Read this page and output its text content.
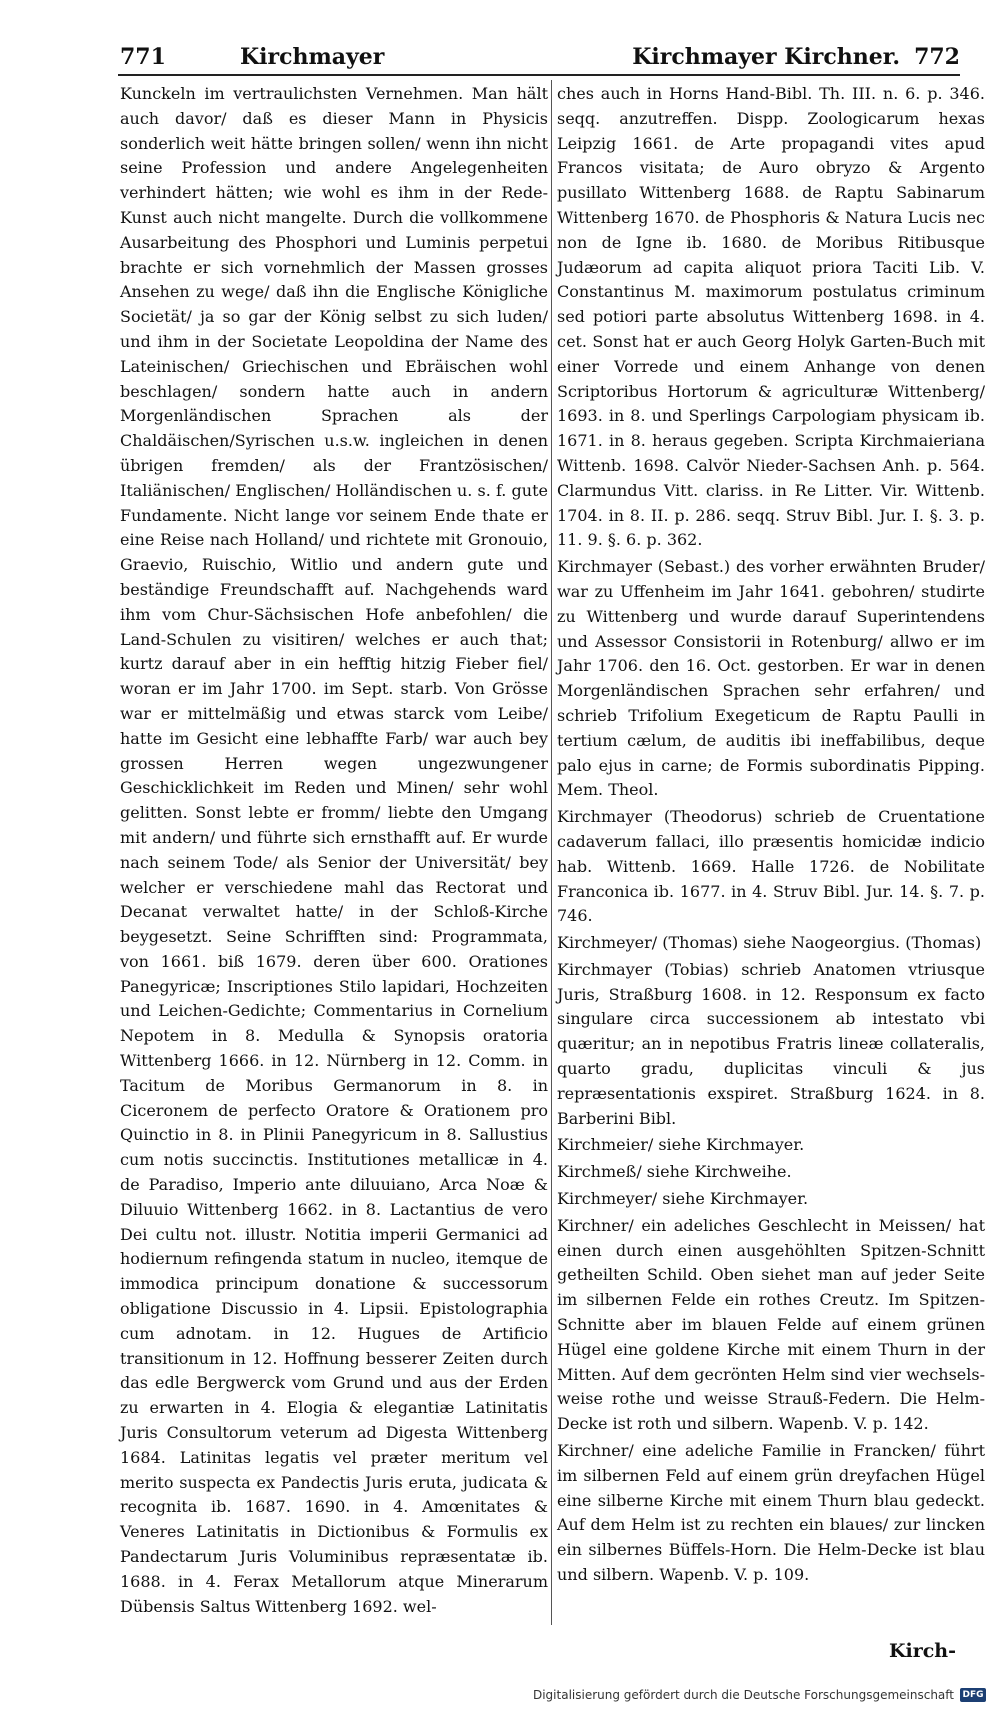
771	Kirchmayer	Kirchmayer Kirchner. 772

Kunckeln im vertraulichsten Vernehmen. Man hält auch davor/ daß es dieser Mann in Physicis sonderlich weit hätte bringen sollen/ wenn ihn nicht seine Profession und andere Angelegenheiten verhindert hätten; wie wohl es ihm in der Rede-Kunst auch nicht mangelte. Durch die vollkommene Ausarbeitung des Phosphori und Luminis perpetui brachte er sich vornehmlich der Massen grosses Ansehen zu wege/ daß ihn die Englische Königliche Societät/ ja so gar der König selbst zu sich luden/ und ihm in der Societate Leopoldina der Name des Lateinischen/ Griechischen und Ebräischen wohl beschlagen/ sondern hatte auch in andern Morgenländischen Sprachen als der Chaldäischen/Syrischen u.s.w. ingleichen in denen übrigen fremden/ als der Frantzösischen/ Italiänischen/ Englischen/ Holländischen u. s. f. gute Fundamente. Nicht lange vor seinem Ende thate er eine Reise nach Holland/ und richtete mit Gronouio, Graevio, Ruischio, Witlio und andern gute und beständige Freundschafft auf. Nachgehends ward ihm vom Chur-Sächsischen Hofe anbefohlen/ die Land-Schulen zu visitiren/ welches er auch that; kurtz darauf aber in ein hefftig hitzig Fieber fiel/ woran er im Jahr 1700. im Sept. starb. Von Grösse war er mittelmäßig und etwas starck vom Leibe/ hatte im Gesicht eine lebhaffte Farb/ war auch bey grossen Herren wegen ungezwungener Geschicklichkeit im Reden und Minen/ sehr wohl gelitten. Sonst lebte er fromm/ liebte den Umgang mit andern/ und führte sich ernsthafft auf. Er wurde nach seinem Tode/ als Senior der Universität/ bey welcher er verschiedene mahl das Rectorat und Decanat verwaltet hatte/ in der Schloß-Kirche beygesetzt. Seine Schrifften sind: Programmata, von 1661. biß 1679. deren über 600. Orationes Panegyricæ; Inscriptiones Stilo lapidari, Hochzeiten und Leichen-Gedichte; Commentarius in Cornelium Nepotem in 8. Medulla & Synopsis oratoria Wittenberg 1666. in 12. Nürnberg in 12. Comm. in Tacitum de Moribus Germanorum in 8. in Ciceronem de perfecto Oratore & Orationem pro Quinctio in 8. in Plinii Panegyricum in 8. Sallustius cum notis succinctis. Institutiones metallicæ in 4. de Paradiso, Imperio ante diluuiano, Arca Noæ & Diluuio Wittenberg 1662. in 8. Lactantius de vero Dei cultu not. illustr. Notitia imperii Germanici ad hodiernum refingenda statum in nucleo, itemque de immodica principum donatione & successorum obligatione Discussio in 4. Lipsii. Epistolographia cum adnotam. in 12. Hugues de Artificio transitionum in 12. Hoffnung besserer Zeiten durch das edle Bergwerck vom Grund und aus der Erden zu erwarten in 4. Elogia & elegantiæ Latinitatis Juris Consultorum veterum ad Digesta Wittenberg 1684. Latinitas legatis vel præter meritum vel merito suspecta ex Pandectis Juris eruta, judicata & recognita ib. 1687. 1690. in 4. Amœnitates & Veneres Latinitatis in Dictionibus & Formulis ex Pandectarum Juris Voluminibus repræsentatæ ib. 1688. in 4. Ferax Metallorum atque Minerarum Dübensis Saltus Wittenberg 1692. wel-

ches auch in Horns Hand-Bibl. Th. III. n. 6. p. 346. seqq. anzutreffen. Dispp. Zoologicarum hexas Leipzig 1661. de Arte propagandi vites apud Francos visitata; de Auro obryzo & Argento pusillato Wittenberg 1688. de Raptu Sabinarum Wittenberg 1670. de Phosphoris & Natura Lucis nec non de Igne ib. 1680. de Moribus Ritibusque Judæorum ad capita aliquot priora Taciti Lib. V. Constantinus M. maximorum postulatus criminum sed potiori parte absolutus Wittenberg 1698. in 4. cet. Sonst hat er auch Georg Holyk Garten-Buch mit einer Vorrede und einem Anhange von denen Scriptoribus Hortorum & agriculturæ Wittenberg/ 1693. in 8. und Sperlings Carpologiam physicam ib. 1671. in 8. heraus gegeben. Scripta Kirchmaieriana Wittenb. 1698. Calvör Nieder-Sachsen Anh. p. 564. Clarmundus Vitt. clariss. in Re Litter. Vir. Wittenb. 1704. in 8. II. p. 286. seqq. Struv Bibl. Jur. I. §. 3. p. 11. 9. §. 6. p. 362.

Kirchmayer (Sebast.) des vorher erwähnten Bruder/ war zu Uffenheim im Jahr 1641. gebohren/ studirte zu Wittenberg und wurde darauf Superintendens und Assessor Consistorii in Rotenburg/ allwo er im Jahr 1706. den 16. Oct. gestorben. Er war in denen Morgenländischen Sprachen sehr erfahren/ und schrieb Trifolium Exegeticum de Raptu Paulli in tertium cælum, de auditis ibi ineffabilibus, deque palo ejus in carne; de Formis subordinatis Pipping. Mem. Theol.

Kirchmayer (Theodorus) schrieb de Cruentatione cadaverum fallaci, illo præsentis homicidæ indicio hab. Wittenb. 1669. Halle 1726. de Nobilitate Franconica ib. 1677. in 4. Struv Bibl. Jur. 14. §. 7. p. 746.

Kirchmeyer/ (Thomas) siehe Naogeorgius. (Thomas)

Kirchmayer (Tobias) schrieb Anatomen vtriusque Juris, Straßburg 1608. in 12. Responsum ex facto singulare circa successionem ab intestato vbi quæritur; an in nepotibus Fratris lineæ collateralis, quarto gradu, duplicitas vinculi & jus repræsentationis exspiret. Straßburg 1624. in 8. Barberini Bibl.

Kirchmeier/ siehe Kirchmayer.

Kirchmeß/ siehe Kirchweihe.

Kirchmeyer/ siehe Kirchmayer.

Kirchner/ ein adeliches Geschlecht in Meissen/ hat einen durch einen ausgehöhlten Spitzen-Schnitt getheilten Schild. Oben siehet man auf jeder Seite im silbernen Felde ein rothes Creutz. Im Spitzen-Schnitte aber im blauen Felde auf einem grünen Hügel eine goldene Kirche mit einem Thurn in der Mitten. Auf dem gecrönten Helm sind vier wechsels-weise rothe und weisse Strauß-Federn. Die Helm-Decke ist roth und silbern. Wapenb. V. p. 142.

Kirchner/ eine adeliche Familie in Francken/ führt im silbernen Feld auf einem grün dreyfachen Hügel eine silberne Kirche mit einem Thurn blau gedeckt. Auf dem Helm ist zu rechten ein blaues/ zur lincken ein silbernes Büffels-Horn. Die Helm-Decke ist blau und silbern. Wapenb. V. p. 109.

Kirch-
Digitalisierung gefördert durch die Deutsche Forschungsgemeinschaft DFG
